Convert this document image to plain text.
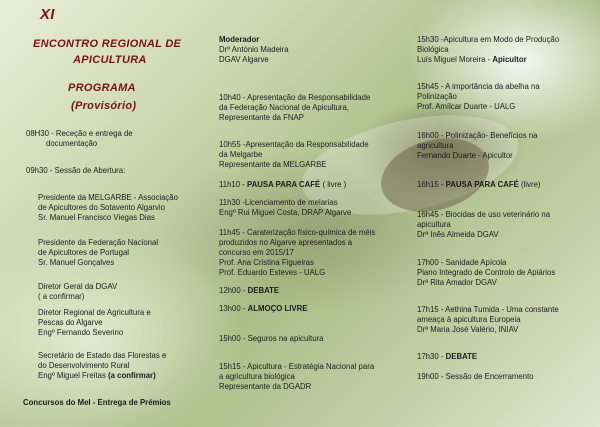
XI
ENCONTRO REGIONAL DE
APICULTURA
PROGRAMA
(Provisório)
08H30 - Receção e entrega de
documentação
09h30 - Sessão de Abertura:
Presidente da MELGARBE - Associação
de Apicultores do Sotavento Algarvio
Sr. Manuel Francisco Viegas Dias
Presidente da Federação Nacional
de Apicultores de Portugal
Sr. Manuel Gonçalves
Diretor Geral da DGAV
( a confirmar)
Diretor Regional de Agricultura e
Pescas do Algarve
Engº Fernando Severino
Secretário de Estado das Florestas e
do Desenvolvimento Rural
Engº Miguel Freitas (a confirmar)
Concursos do Mel - Entrega de Prémios
Moderador
Drº António Madeira
DGAV Algarve
10h40 - Apresentação da Responsabilidade
da Federação Nacional de Apicultura,
Representante da FNAP
10h55 -Apresentação da Responsabilidade
da Melgarbe
Representante da MELGARBE
11h10 - PAUSA PARA CAFÉ ( livre )
11h30 -Licenciamento de melarias
Engº Rui Miguel Costa, DRAP Algarve
11h45 - Caraterização físico-química de méis
produzidos no Algarve apresentados a
concurso em 2015/17
Prof. Ana Cristina Figueiras
Prof. Eduardo Esteves - UALG
12h00 - DEBATE
13h00 - ALMOÇO LIVRE
15h00 - Seguros na apicultura
15h15 - Apicultura - Estratégia Nacional para
a agricultura biológica
Representante da DGADR
15h30 -Apicultura em Modo de Produção
Biológica
Luís Miguel Moreira - Apicultor
15h45 - A importância da abelha na
Polinização
Prof. Amílcar Duarte - UALG
16h00 - Polinização- Benefícios na
agricultura
Fernando Duarte - Apicultor
16h15 - PAUSA PARA CAFÉ (livre)
16h45 - Biocidas de uso veterinário na
apicultura
Drª Inês Almeida DGAV
17h00 - Sanidade Apícola
Piano Integrado de Controlo de Apiários
Drª Rita Amador DGAV
17h15 - Aethina Tumida - Uma constante
ameaça à apicultura Europeia
Drª Maria José Valério, INIAV
17h30 - DEBATE
19h00 - Sessão de Encerramento
